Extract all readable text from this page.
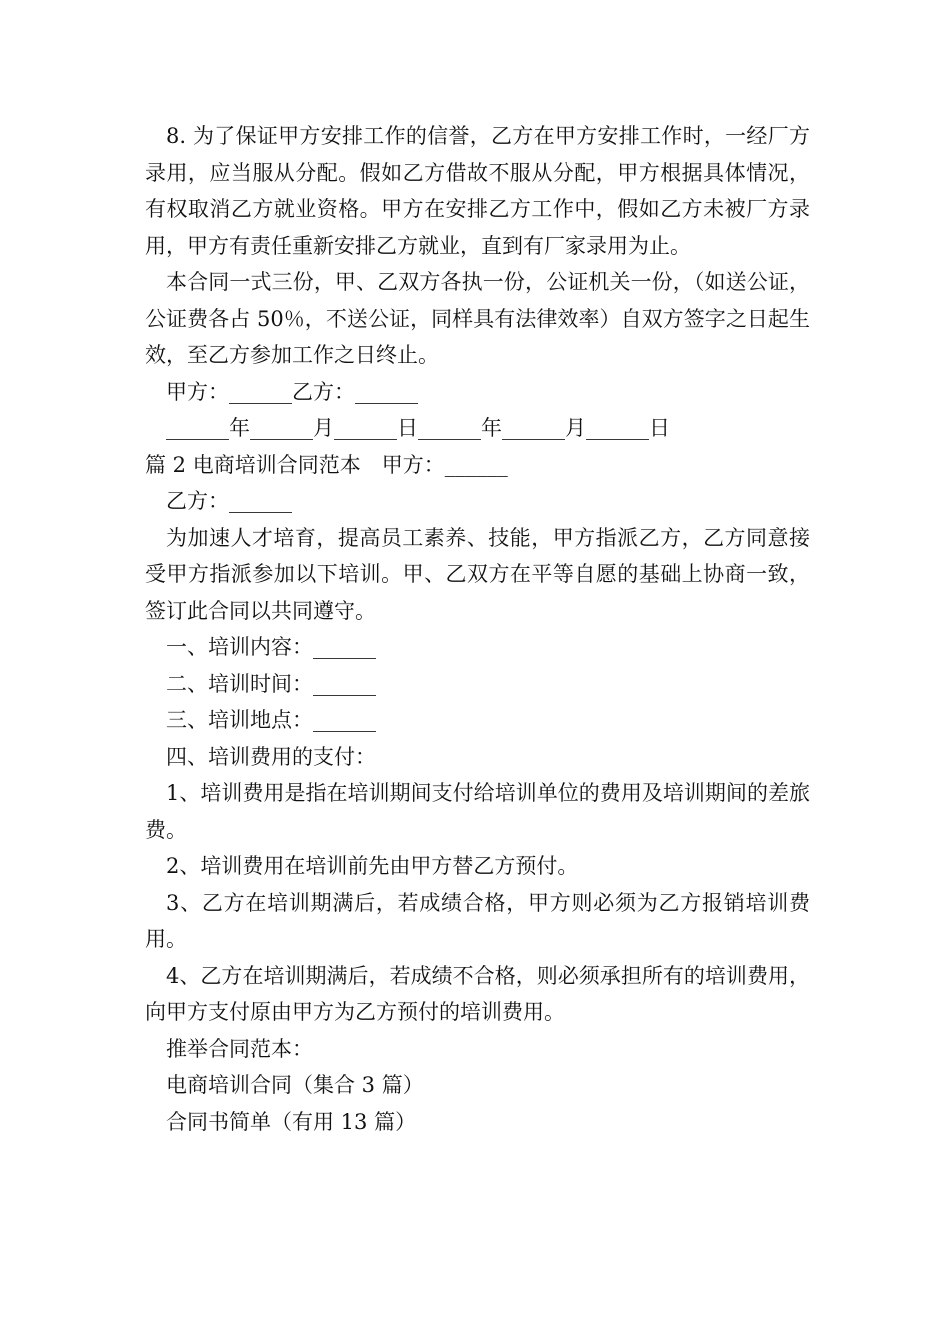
8. 为了保证甲方安排工作的信誉，乙方在甲方安排工作时，一经厂方录用，应当服从分配。假如乙方借故不服从分配，甲方根据具体情况，有权取消乙方就业资格。甲方在安排乙方工作中，假如乙方未被厂方录用，甲方有责任重新安排乙方就业，直到有厂家录用为止。

本合同一式三份，甲、乙双方各执一份，公证机关一份，（如送公证，公证费各占 50％，不送公证，同样具有法律效率）自双方签字之日起生效，至乙方参加工作之日终止。

甲方：______乙方：______

______年______月______日______年______月______日

篇 2 电商培训合同范本　甲方：______

乙方：______

为加速人才培育，提高员工素养、技能，甲方指派乙方，乙方同意接受甲方指派参加以下培训。甲、乙双方在平等自愿的基础上协商一致，签订此合同以共同遵守。

一、培训内容：______

二、培训时间：______

三、培训地点：______

四、培训费用的支付：

1、培训费用是指在培训期间支付给培训单位的费用及培训期间的差旅费。

2、培训费用在培训前先由甲方替乙方预付。

3、乙方在培训期满后，若成绩合格，甲方则必须为乙方报销培训费用。

4、乙方在培训期满后，若成绩不合格，则必须承担所有的培训费用，向甲方支付原由甲方为乙方预付的培训费用。

推举合同范本：

电商培训合同（集合 3 篇）

合同书简单（有用 13 篇）
